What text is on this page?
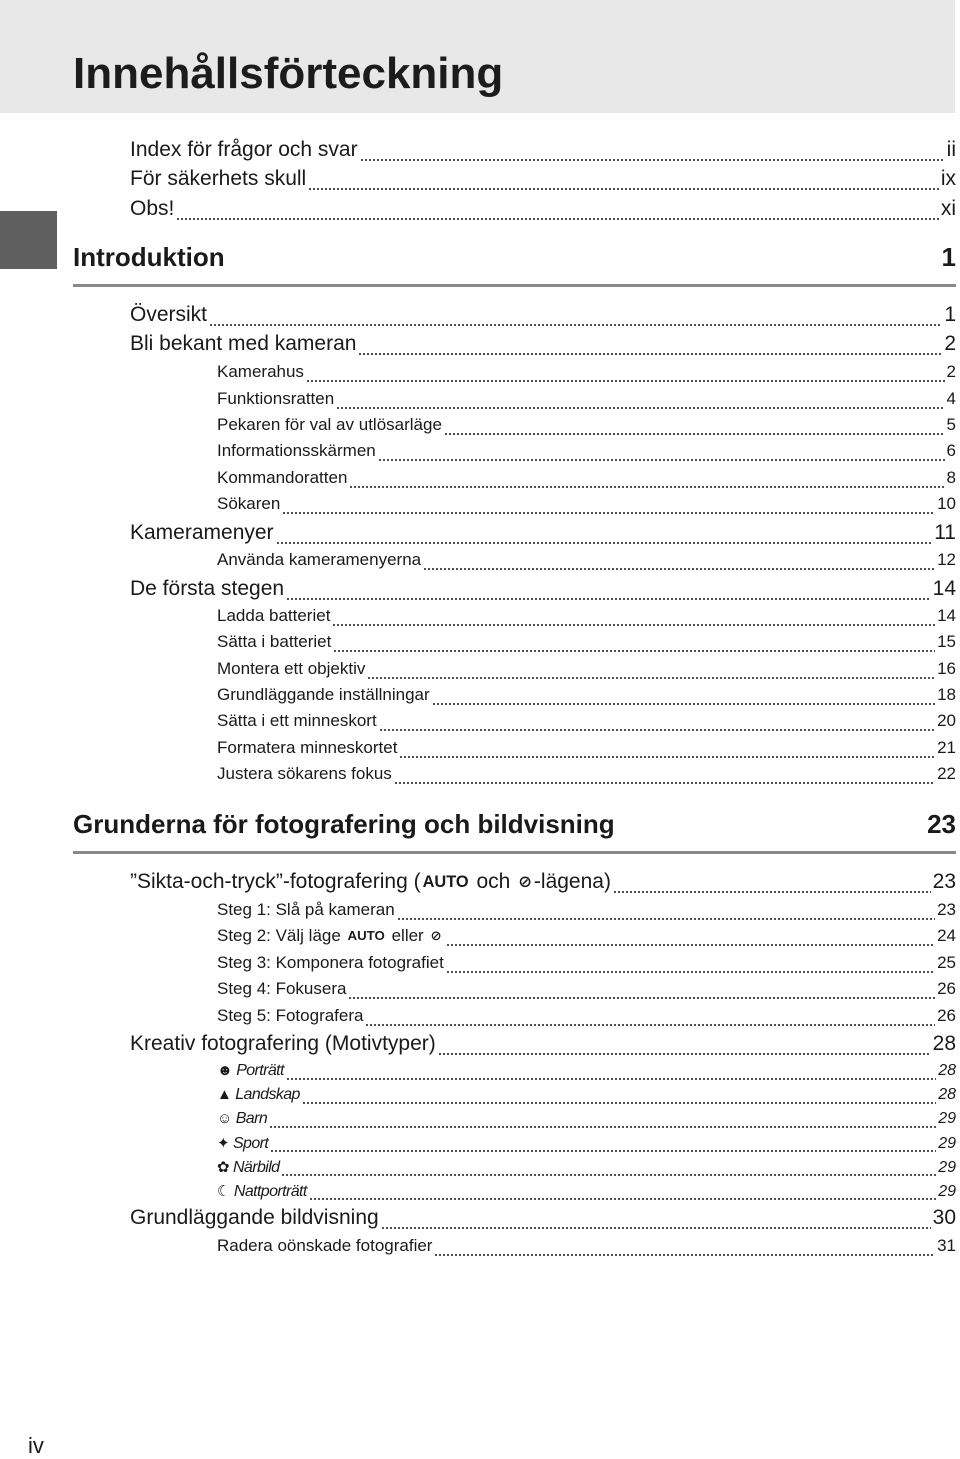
Innehållsförteckning
Index för frågor och svar	ii
För säkerhets skull	ix
Obs!	xi
Introduktion	1
Översikt	1
Bli bekant med kameran	2
Kamerahus	2
Funktionsratten	4
Pekaren för val av utlösarläge	5
Informationsskärmen	6
Kommandoratten	8
Sökaren	10
Kameramenyer	11
Använda kameramenyerna	12
De första stegen	14
Ladda batteriet	14
Sätta i batteriet	15
Montera ett objektiv	16
Grundläggande inställningar	18
Sätta i ett minneskort	20
Formatera minneskortet	21
Justera sökarens fokus	22
Grunderna för fotografering och bildvisning	23
”Sikta-och-tryck”-fotografering ( AUTO och ⊘-lägena)	23
Steg 1: Slå på kameran	23
Steg 2: Välj läge AUTO eller ⊘	24
Steg 3: Komponera fotografiet	25
Steg 4: Fokusera	26
Steg 5: Fotografera	26
Kreativ fotografering (Motivtyper)	28
☻ Porträtt	28
▲ Landskap	28
☺ Barn	29
✦ Sport	29
✿ Närbild	29
☾ Nattporträtt	29
Grundläggande bildvisning	30
Radera oönskade fotografier	31
iv
